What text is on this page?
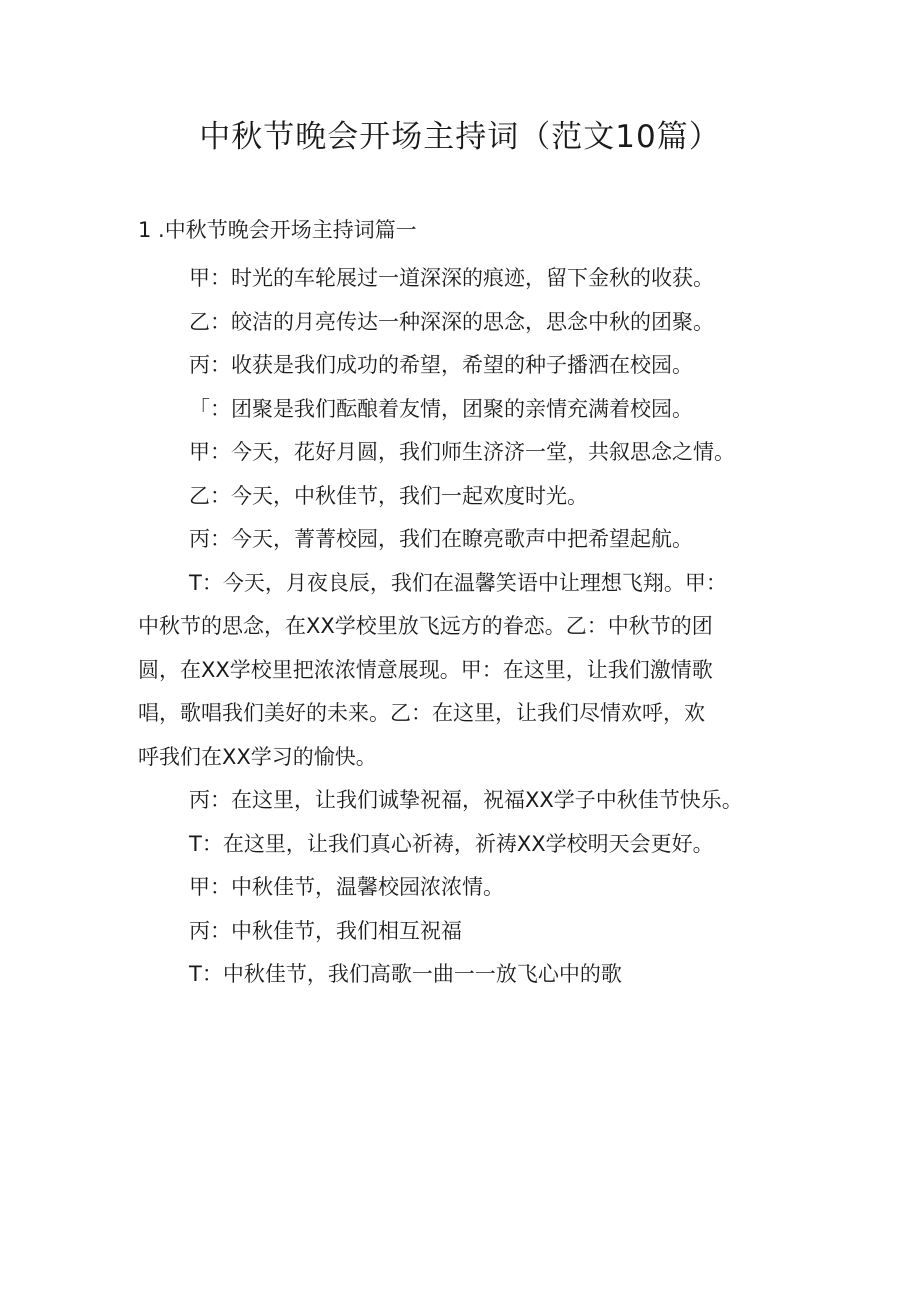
中秋节晚会开场主持词（范文10篇）
1 .中秋节晚会开场主持词篇一
甲：时光的车轮展过一道深深的痕迹，留下金秋的收获。
乙：皎洁的月亮传达一种深深的思念，思念中秋的团聚。
丙：收获是我们成功的希望，希望的种子播洒在校园。
「：团聚是我们酝酿着友情，团聚的亲情充满着校园。
甲：今天，花好月圆，我们师生济济一堂，共叙思念之情。
乙：今天，中秋佳节，我们一起欢度时光。
丙：今天，菁菁校园，我们在瞭亮歌声中把希望起航。
T：今天，月夜良辰，我们在温馨笑语中让理想飞翔。甲：
中秋节的思念，在XX学校里放飞远方的眷恋。乙：中秋节的团
圆，在XX学校里把浓浓情意展现。甲：在这里，让我们激情歌
唱，歌唱我们美好的未来。乙：在这里，让我们尽情欢呼，欢
呼我们在XX学习的愉快。
丙：在这里，让我们诚挚祝福，祝福XX学子中秋佳节快乐。
T：在这里，让我们真心祈祷，祈祷XX学校明天会更好。
甲：中秋佳节，温馨校园浓浓情。
丙：中秋佳节，我们相互祝福
T：中秋佳节，我们高歌一曲一一放飞心中的歌
